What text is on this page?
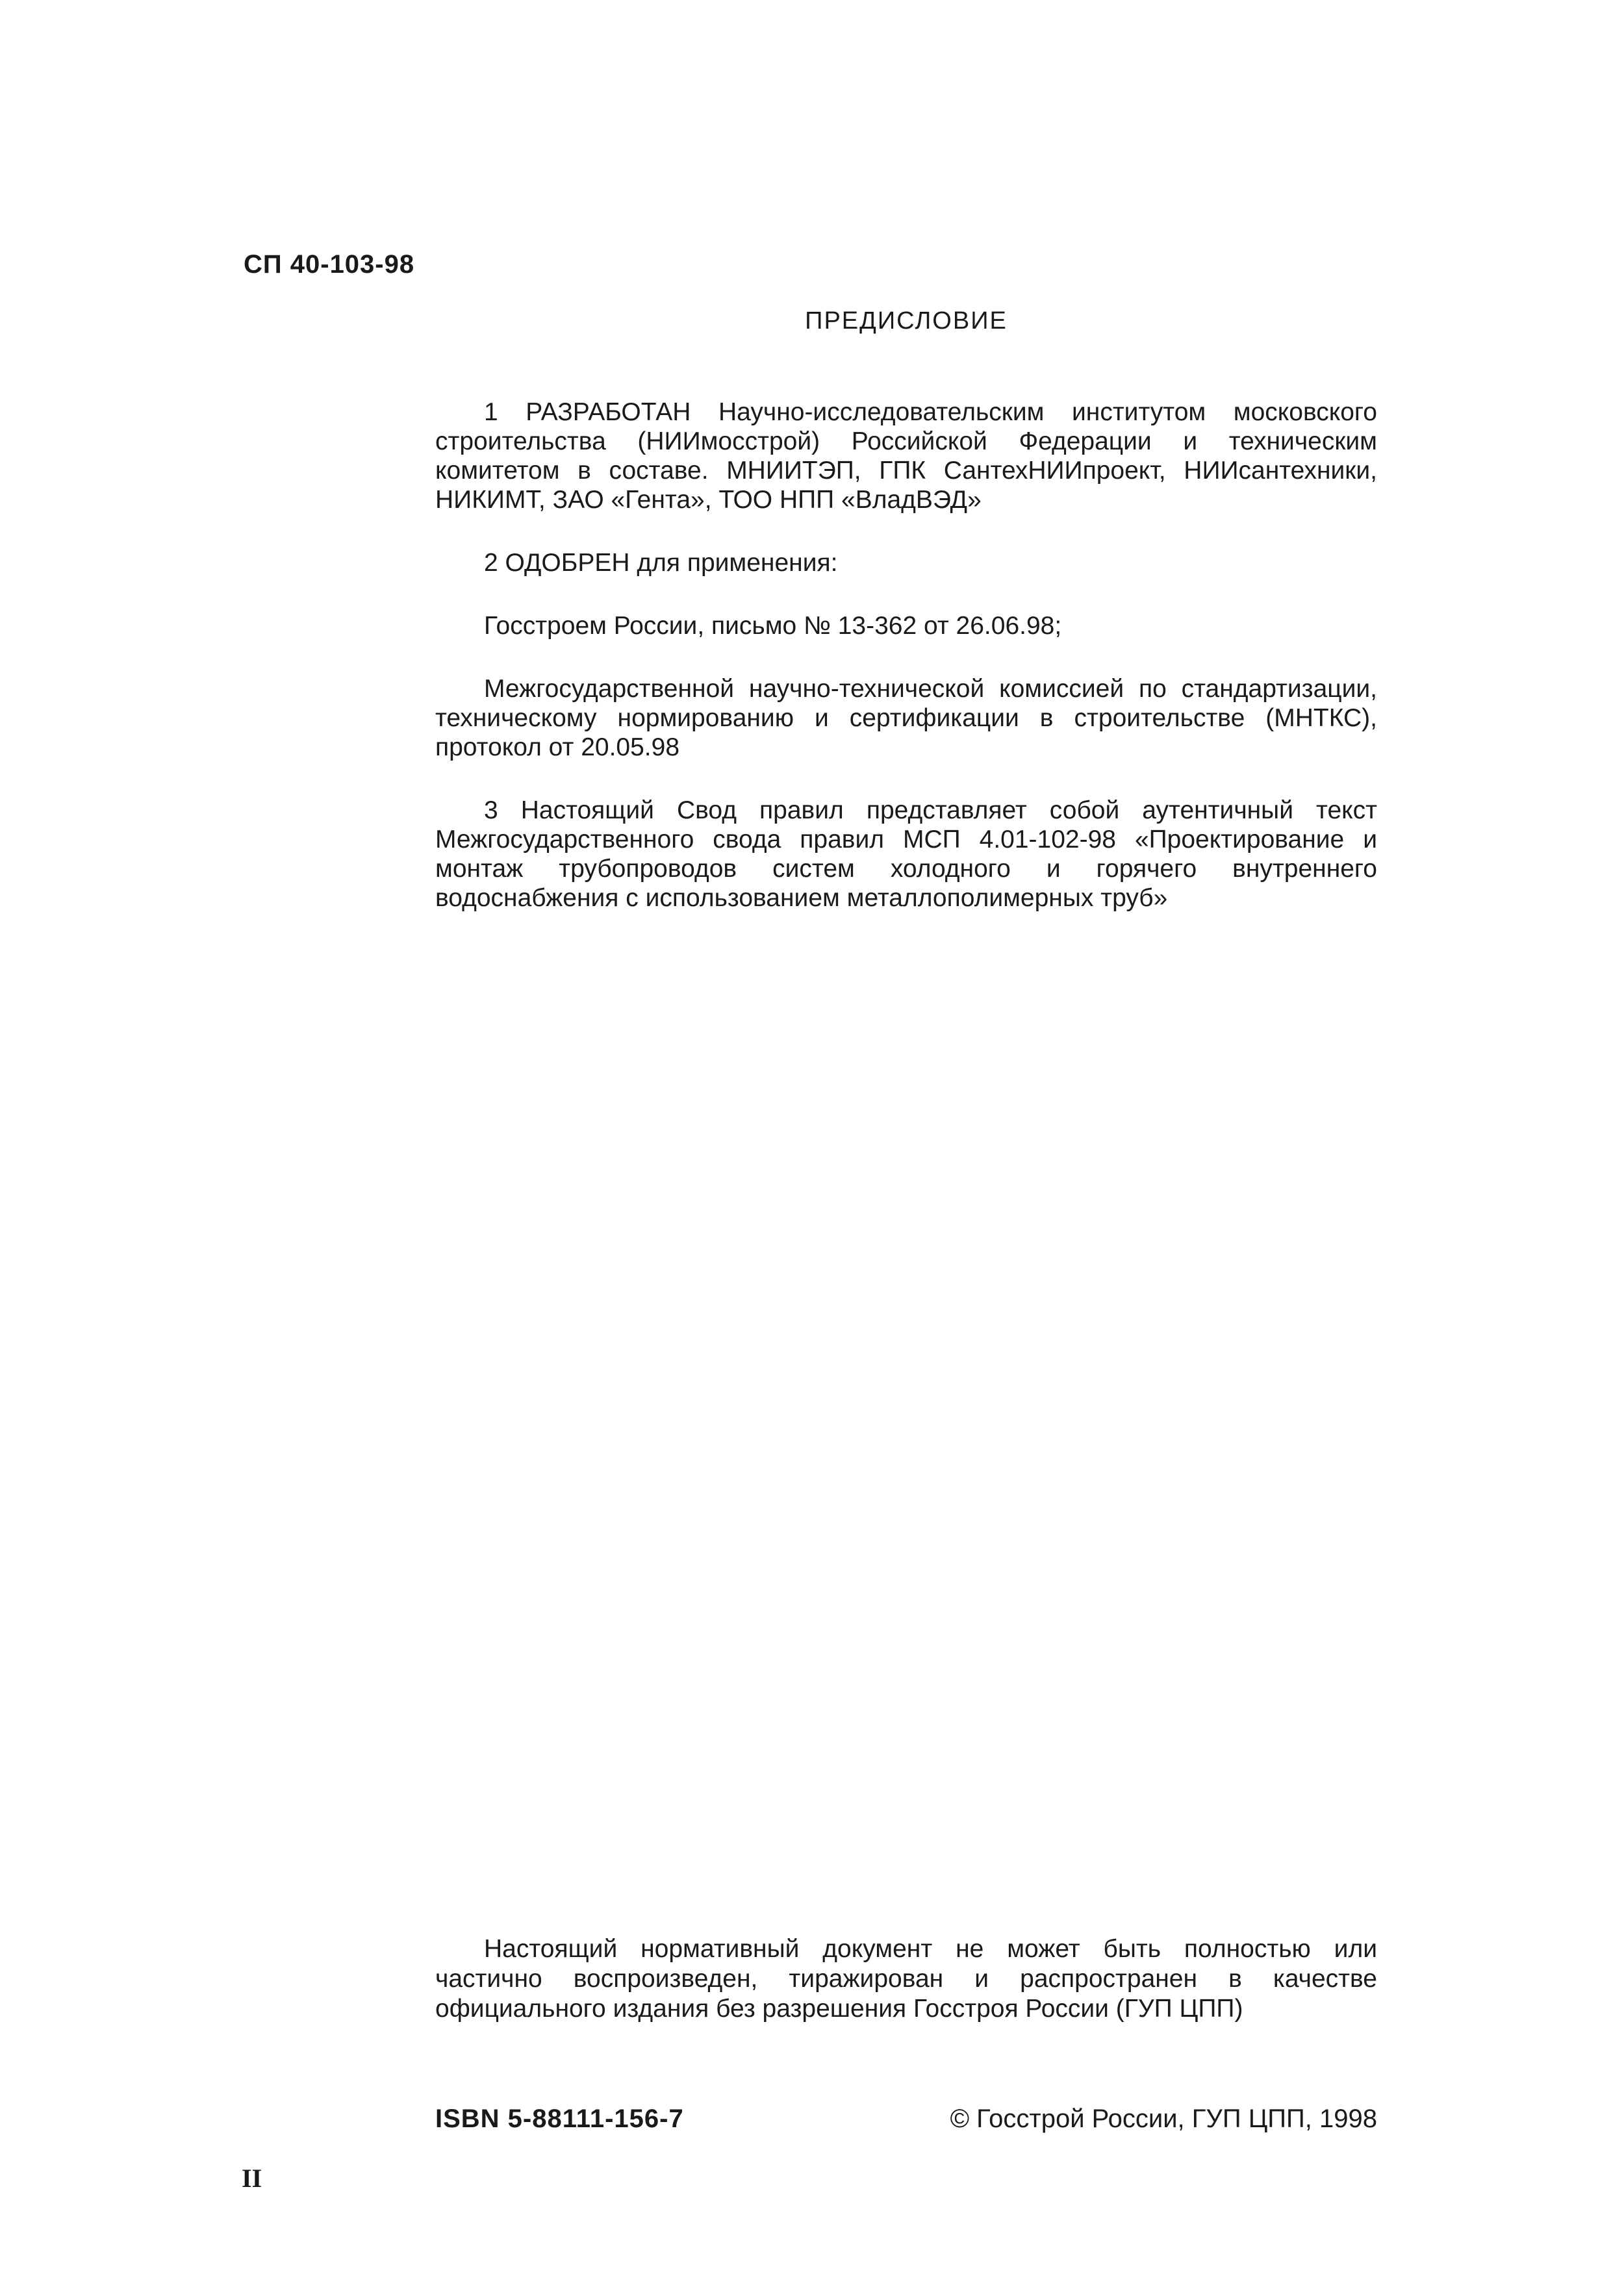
СП 40-103-98
ПРЕДИСЛОВИЕ

1 РАЗРАБОТАН Научно-исследовательским институтом московского строительства (НИИмосстрой) Российской Федерации и техническим комитетом в составе. МНИИТЭП, ГПК СантехНИИпроект, НИИсантехники, НИКИМТ, ЗАО «Гента», ТОО НПП «ВладВЭД»

2 ОДОБРЕН для применения:

Госстроем России, письмо № 13-362 от 26.06.98;

Межгосударственной научно-технической комиссией по стандартизации, техническому нормированию и сертификации в строительстве (МНТКС), протокол от 20.05.98

3 Настоящий Свод правил представляет собой аутентичный текст Межгосударственного свода правил МСП 4.01-102-98 «Проектирование и монтаж трубопроводов систем холодного и горячего внутреннего водоснабжения с использованием металлополимерных труб»

Настоящий нормативный документ не может быть полностью или частично воспроизведен, тиражирован и распространен в качестве официального издания без разрешения Госстроя России (ГУП ЦПП)

ISBN 5-88111-156-7	© Госстрой России, ГУП ЦПП, 1998
II
